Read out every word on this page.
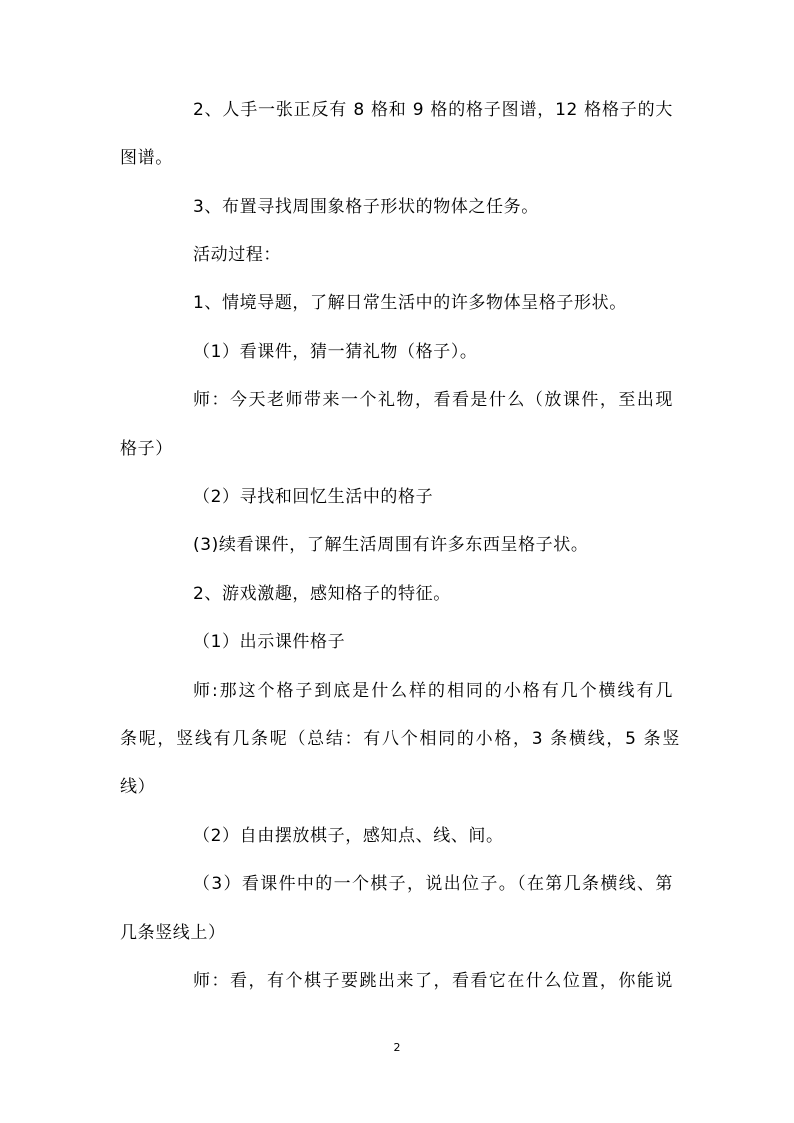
2、人手一张正反有 8 格和 9 格的格子图谱，12 格格子的大
图谱。
3、布置寻找周围象格子形状的物体之任务。
活动过程：
1、情境导题，了解日常生活中的许多物体呈格子形状。
（1）看课件，猜一猜礼物（格子）。
师：今天老师带来一个礼物，看看是什么（放课件，至出现
格子）
（2）寻找和回忆生活中的格子
(3)续看课件，了解生活周围有许多东西呈格子状。
2、游戏激趣，感知格子的特征。
（1）出示课件格子
师:那这个格子到底是什么样的相同的小格有几个横线有几
条呢，竖线有几条呢（总结：有八个相同的小格，3 条横线，5 条竖
线）
（2）自由摆放棋子，感知点、线、间。
（3）看课件中的一个棋子，说出位子。（在第几条横线、第
几条竖线上）
师：看，有个棋子要跳出来了，看看它在什么位置，你能说
2
